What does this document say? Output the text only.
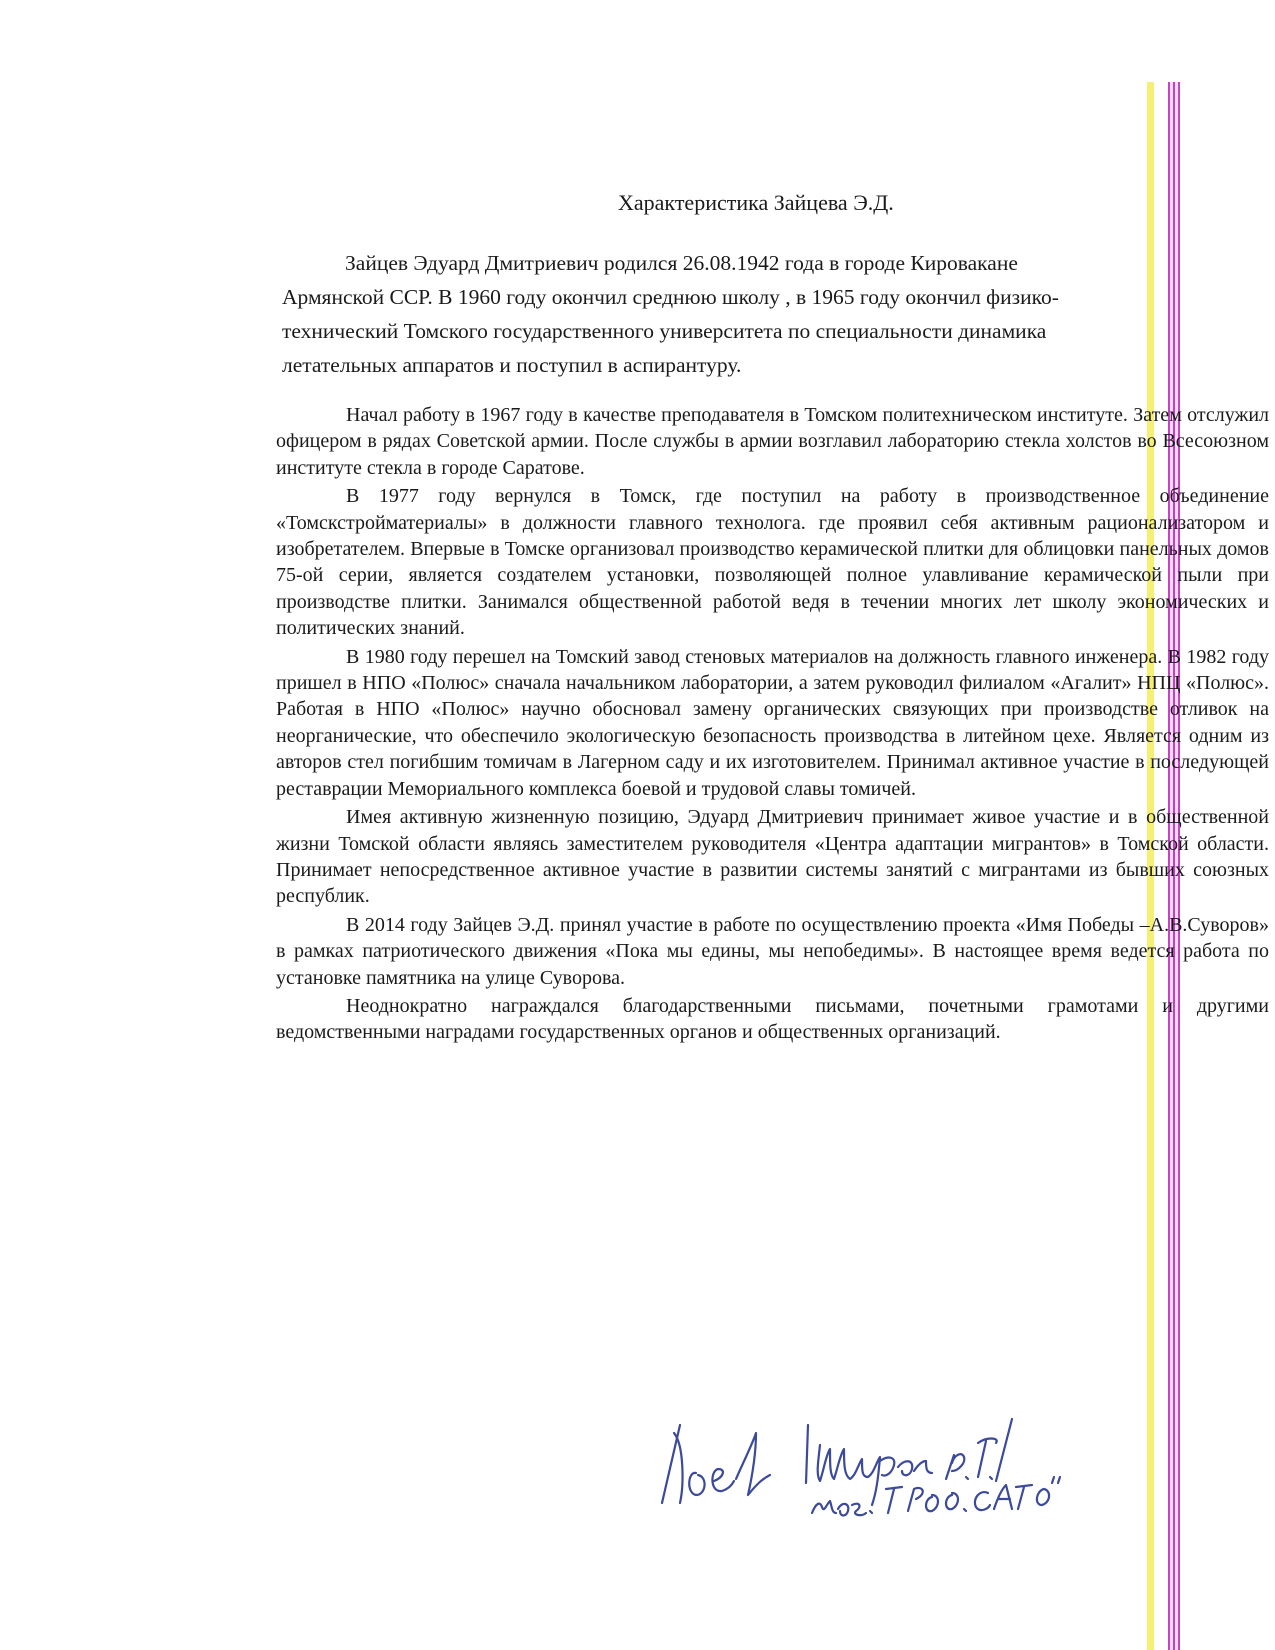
Характеристика Зайцева Э.Д.
Зайцев Эдуард Дмитриевич родился 26.08.1942 года в городе Кировакане
Армянской ССР. В 1960 году окончил среднюю школу , в 1965 году окончил физико-
технический Томского государственного университета по специальности динамика
летательных аппаратов и поступил в аспирантуру.

Начал работу в 1967 году в качестве преподавателя в Томском политехническом институте. Затем отслужил офицером в рядах Советской армии. После службы в армии возглавил лабораторию стекла холстов во Всесоюзном институте стекла в городе Саратове.

В 1977 году вернулся в Томск, где поступил на работу в производственное объединение «Томскстройматериалы» в должности главного технолога. где проявил себя активным рационализатором и изобретателем. Впервые в Томске организовал производство керамической плитки для облицовки панельных домов 75-ой серии, является создателем установки, позволяющей полное улавливание керамической пыли при производстве плитки. Занимался общественной работой ведя в течении многих лет школу экономических и политических знаний.

В 1980 году перешел на Томский завод стеновых материалов на должность главного инженера. В 1982 году пришел в НПО «Полюс» сначала начальником лаборатории, а затем руководил филиалом «Агалит» НПЦ «Полюс». Работая в НПО «Полюс» научно обосновал замену органических связующих при производстве отливок на неорганические, что обеспечило экологическую безопасность производства в литейном цехе. Является одним из авторов стел погибшим томичам в Лагерном саду и их изготовителем. Принимал активное участие в последующей реставрации Мемориального комплекса боевой и трудовой славы томичей.

Имея активную жизненную позицию, Эдуард Дмитриевич принимает живое участие и в общественной жизни Томской области являясь заместителем руководителя «Центра адаптации мигрантов» в Томской области. Принимает непосредственное активное участие в развитии системы занятий с мигрантами из бывших союзных республик.

В 2014 году Зайцев Э.Д. принял участие в работе по осуществлению проекта «Имя Победы –А.В.Суворов» в рамках патриотического движения «Пока мы едины, мы непобедимы». В настоящее время ведется работа по установке памятника на улице Суворова.

Неоднократно награждался благодарственными письмами, почетными грамотами и другими ведомственными наградами государственных органов и общественных организаций.
